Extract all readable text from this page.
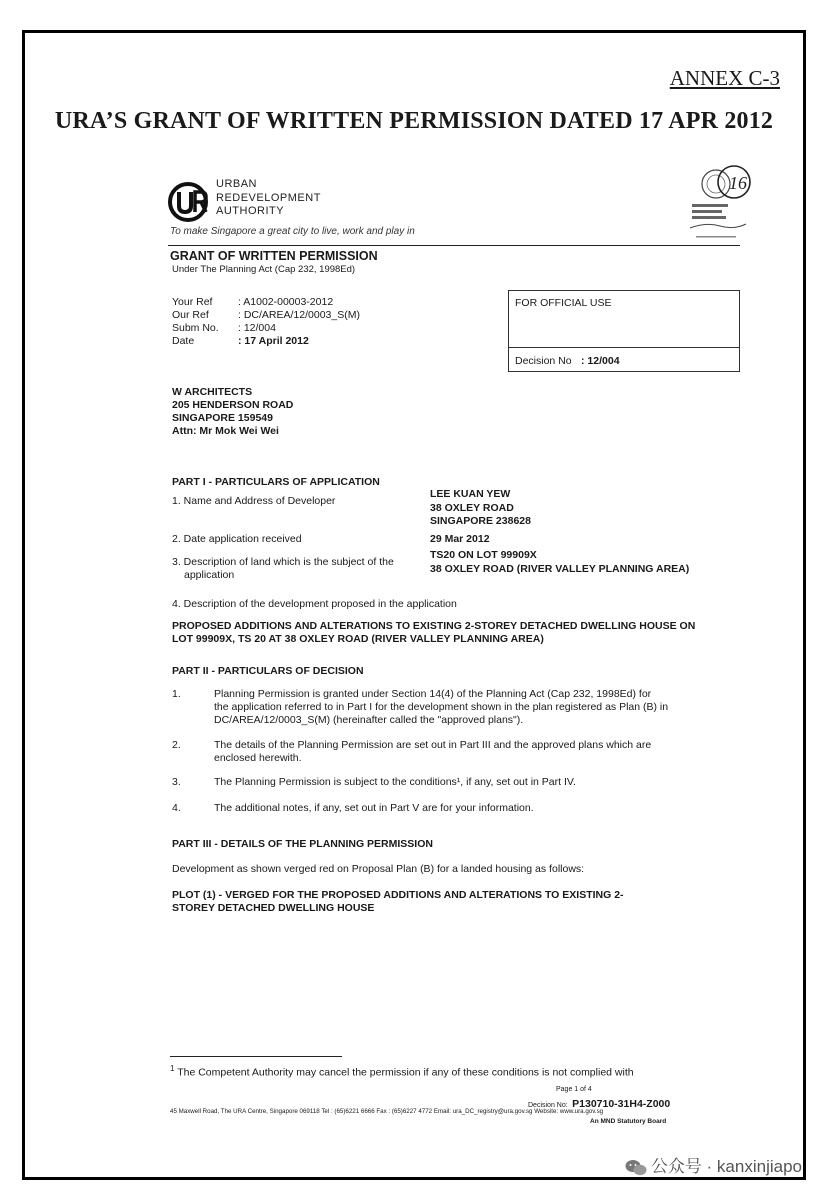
ANNEX C-3
URA’S GRANT OF WRITTEN PERMISSION DATED 17 APR 2012
URBAN
REDEVELOPMENT
AUTHORITY
To make Singapore a great city to live, work and play in
16
GRANT OF WRITTEN PERMISSION
Under The Planning Act (Cap 232, 1998Ed)
Your Ref : A1002-00003-2012
Our Ref	: DC/AREA/12/0003_S(M)
Subm No. : 12/004
Date	: 17 April 2012
FOR OFFICIAL USE
Decision No : 12/004
W ARCHITECTS
205 HENDERSON ROAD
SINGAPORE 159549
Attn: Mr Mok Wei Wei
PART I - PARTICULARS OF APPLICATION
1. Name and Address of Developer
LEE KUAN YEW
38 OXLEY ROAD
SINGAPORE 238628
2. Date application received	29 Mar 2012
3. Description of land which is the subject of the
application
TS20 ON LOT 99909X
38 OXLEY ROAD (RIVER VALLEY PLANNING AREA)
4. Description of the development proposed in the application
PROPOSED ADDITIONS AND ALTERATIONS TO EXISTING 2-STOREY DETACHED DWELLING HOUSE ON
LOT 99909X, TS 20 AT 38 OXLEY ROAD (RIVER VALLEY PLANNING AREA)
PART II - PARTICULARS OF DECISION
1.	Planning Permission is granted under Section 14(4) of the Planning Act (Cap 232, 1998Ed) for
the application referred to in Part I for the development shown in the plan registered as Plan (B) in
DC/AREA/12/0003_S(M) (hereinafter called the "approved plans").
2.	The details of the Planning Permission are set out in Part III and the approved plans which are
enclosed herewith.
3.	The Planning Permission is subject to the conditions¹, if any, set out in Part IV.
4.	The additional notes, if any, set out in Part V are for your information.
PART III - DETAILS OF THE PLANNING PERMISSION
Development as shown verged red on Proposal Plan (B) for a landed housing as follows:
PLOT (1) - VERGED FOR THE PROPOSED ADDITIONS AND ALTERATIONS TO EXISTING 2-
STOREY DETACHED DWELLING HOUSE
$^1$ The Competent Authority may cancel the permission if any of these conditions is not complied with
Page 1 of 4
Decision No: P130710-31H4-Z000
45 Maxwell Road, The URA Centre, Singapore 069118 Tel : (65)6221 6666 Fax : (65)6227 4772 Email: ura_DC_registry@ura.gov.sg Website: www.ura.gov.sg
An MND Statutory Board
公众号 · kanxinjiapo
